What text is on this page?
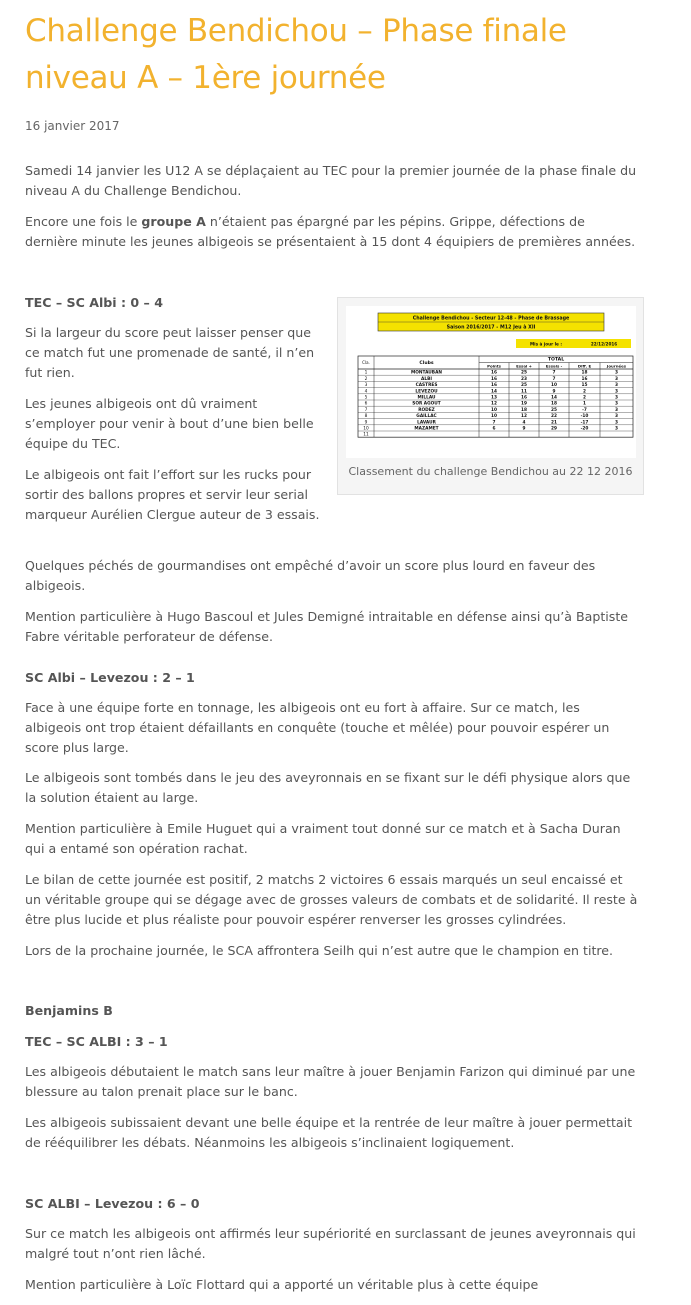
Challenge Bendichou – Phase finale
niveau A – 1ère journée
16 janvier 2017

Samedi 14 janvier les U12 A se déplaçaient au TEC pour la premier journée de la phase finale du niveau A du Challenge Bendichou.

Encore une fois le groupe A n’étaient pas épargné par les pépins. Grippe, défections de dernière minute les jeunes albigeois se présentaient à 15 dont 4 équipiers de premières années.

TEC – SC Albi : 0 – 4

Si la largeur du score peut laisser penser que ce match fut une promenade de santé, il n’en fut rien.

Les jeunes albigeois ont dû vraiment s’employer pour venir à bout d’une bien belle équipe du TEC.

Le albigeois ont fait l’effort sur les rucks pour sortir des ballons propres et servir leur serial marqueur Aurélien Clergue auteur de 3 essais.

Challenge Bendichou - Secteur 12-48 - Phase de Brassage
Saison 2016/2017 - M12 Jeu à XII
Mis à jour le :	22/12/2016
Cla.	Clubs
TOTAL
Points	Essai +	Essais -	Diff. E	Journées
1	MONTAUBAN	16	25	7	18	3
2	ALBI	16	23	7	16	3
3	CASTRES	16	25	10	15	3
4	LEVEZOU	14	11	9	2	3
5	MILLAU	13	16	14	2	3
6	SOR AGOUT	12	19	18	1	3
7	RODEZ	10	18	25	-7	3
8	GAILLAC	10	12	22	-10	3
9	LAVAUR	7	4	21	-17	3
10	MAZAMET	6	9	29	-20	3
11
Classement du challenge Bendichou au 22 12 2016

Quelques péchés de gourmandises ont empêché d’avoir un score plus lourd en faveur des albigeois.

Mention particulière à Hugo Bascoul et Jules Demigné intraitable en défense ainsi qu’à Baptiste Fabre véritable perforateur de défense.

SC Albi – Levezou : 2 – 1

Face à une équipe forte en tonnage, les albigeois ont eu fort à affaire. Sur ce match, les albigeois ont trop étaient défaillants en conquête (touche et mêlée) pour pouvoir espérer un score plus large.

Le albigeois sont tombés dans le jeu des aveyronnais en se fixant sur le défi physique alors que la solution étaient au large.

Mention particulière à Emile Huguet qui a vraiment tout donné sur ce match et à Sacha Duran qui a entamé son opération rachat.

Le bilan de cette journée est positif, 2 matchs 2 victoires 6 essais marqués un seul encaissé et un véritable groupe qui se dégage avec de grosses valeurs de combats et de solidarité. Il reste à être plus lucide et plus réaliste pour pouvoir espérer renverser les grosses cylindrées.

Lors de la prochaine journée, le SCA affrontera Seilh qui n’est autre que le champion en titre.

Benjamins B

TEC – SC ALBI : 3 – 1

Les albigeois débutaient le match sans leur maître à jouer Benjamin Farizon qui diminué par une blessure au talon prenait place sur le banc.

Les albigeois subissaient devant une belle équipe et la rentrée de leur maître à jouer permettait de rééquilibrer les débats. Néanmoins les albigeois s’inclinaient logiquement.

SC ALBI – Levezou : 6 – 0

Sur ce match les albigeois ont affirmés leur supériorité en surclassant de jeunes aveyronnais qui malgré tout n’ont rien lâché.

Mention particulière à Loïc Flottard qui a apporté un véritable plus à cette équipe
